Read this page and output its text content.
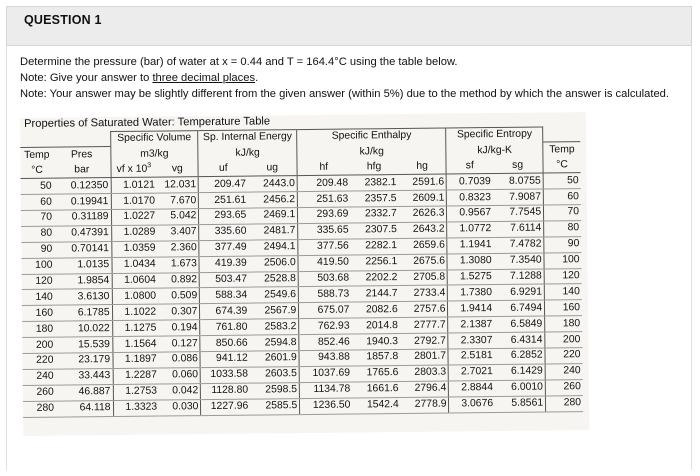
QUESTION 1
Determine the pressure (bar) of water at x = 0.44 and T = 164.4°C using the table below.
Note: Give your answer to three decimal places.
Note: Your answer may be slightly different from the given answer (within 5%) due to the method by which the answer is calculated.
Properties of Saturated Water: Temperature Table
		Specific Volume		Sp. Internal Energy		Specific Enthalpy			Specific Entropy		
Temp	Pres	m3/kg		kJ/kg		kJ/kg			kJ/kg-K		Temp
°C	bar	vf x $10^3$	vg	uf	ug	hf	hfg	hg	sf	sg	°C
50	0.12350	1.0121	12.031	209.47	2443.0	209.48	2382.1	2591.6	0.7039	8.0755	50
60	0.19941	1.0170	7.670	251.61	2456.2	251.63	2357.5	2609.1	0.8323	7.9087	60
70	0.31189	1.0227	5.042	293.65	2469.1	293.69	2332.7	2626.3	0.9567	7.7545	70
80	0.47391	1.0289	3.407	335.60	2481.7	335.65	2307.5	2643.2	1.0772	7.6114	80
90	0.70141	1.0359	2.360	377.49	2494.1	377.56	2282.1	2659.6	1.1941	7.4782	90
100	1.0135	1.0434	1.673	419.39	2506.0	419.50	2256.1	2675.6	1.3080	7.3540	100
120	1.9854	1.0604	0.892	503.47	2528.8	503.68	2202.2	2705.8	1.5275	7.1288	120
140	3.6130	1.0800	0.509	588.34	2549.6	588.73	2144.7	2733.4	1.7380	6.9291	140
160	6.1785	1.1022	0.307	674.39	2567.9	675.07	2082.6	2757.6	1.9414	6.7494	160
180	10.022	1.1275	0.194	761.80	2583.2	762.93	2014.8	2777.7	2.1387	6.5849	180
200	15.539	1.1564	0.127	850.66	2594.8	852.46	1940.3	2792.7	2.3307	6.4314	200
220	23.179	1.1897	0.086	941.12	2601.9	943.88	1857.8	2801.7	2.5181	6.2852	220
240	33.443	1.2287	0.060	1033.58	2603.5	1037.69	1765.6	2803.3	2.7021	6.1429	240
260	46.887	1.2753	0.042	1128.80	2598.5	1134.78	1661.6	2796.4	2.8844	6.0010	260
280	64.118	1.3323	0.030	1227.96	2585.5	1236.50	1542.4	2778.9	3.0676	5.8561	280
